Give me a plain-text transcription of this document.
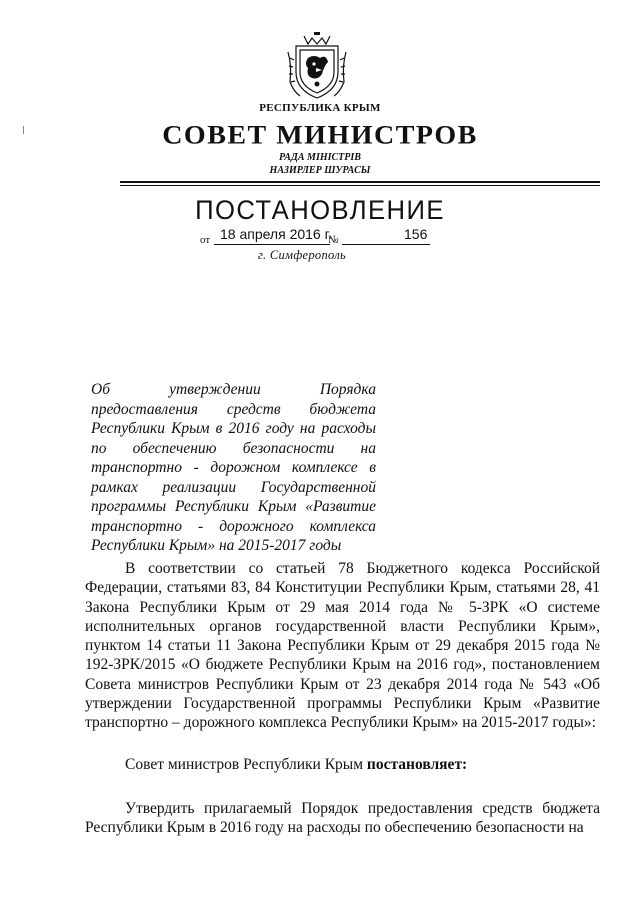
РЕСПУБЛИКА КРЫМ
СОВЕТ МИНИСТРОВ
РАДА МІНІСТРІВ
НАЗИРЛЕР ШУРАСЫ
ПОСТАНОВЛЕНИЕ
от 18 апреля 2016 г.
№	156
г. Симферополь
Об утверждении Порядка предоставления средств бюджета Республики Крым в 2016 году на расходы по обеспечению безопасности на транспортно - дорожном комплексе в рамках реализации Государственной программы Республики Крым «Развитие транспортно - дорожного комплекса Республики Крым» на 2015-2017 годы

В соответствии со статьей 78 Бюджетного кодекса Российской Федерации, статьями 83, 84 Конституции Республики Крым, статьями 28, 41 Закона Республики Крым от 29 мая 2014 года № 5-ЗРК «О системе исполнительных органов государственной власти Республики Крым», пунктом 14 статьи 11 Закона Республики Крым от 29 декабря 2015 года № 192-ЗРК/2015 «О бюджете Республики Крым на 2016 год», постановлением Совета министров Республики Крым от 23 декабря 2014 года № 543 «Об утверждении Государственной программы Республики Крым «Развитие транспортно – дорожного комплекса Республики Крым» на 2015-2017 годы»:

Совет министров Республики Крым постановляет:

Утвердить прилагаемый Порядок предоставления средств бюджета Республики Крым в 2016 году на расходы по обеспечению безопасности на
